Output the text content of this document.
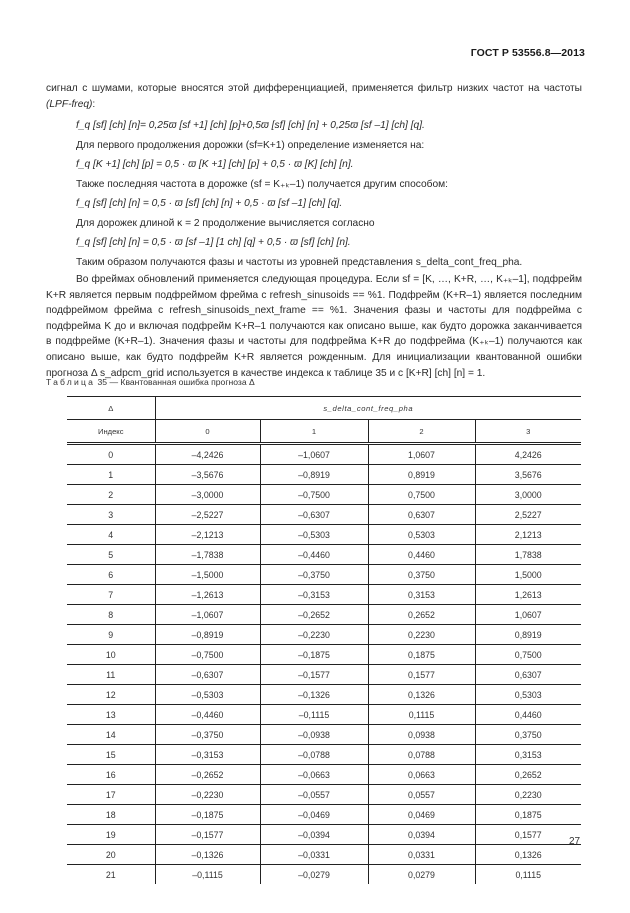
ГОСТ Р 53556.8—2013
сигнал с шумами, которые вносятся этой дифференциацией, применяется фильтр низких частот на частоты (LPF-freq):
f_q [sf] [ch] [n]= 0,25ϖ [sf +1] [ch] [p]+0,5ϖ [sf] [ch] [n] + 0,25ϖ [sf –1] [ch] [q].
Для первого продолжения дорожки (sf=K+1) определение изменяется на:
f_q [K +1] [ch] [p] = 0,5 · ϖ [K +1] [ch] [p] + 0,5 · ϖ [K] [ch] [n].
Также последняя частота в дорожке (sf = K₊ₖ–1) получается другим способом:
f_q [sf] [ch] [n] = 0,5 · ϖ [sf] [ch] [n] + 0,5 · ϖ [sf –1] [ch] [q].
Для дорожек длиной κ = 2 продолжение вычисляется согласно
f_q [sf] [ch] [n] = 0,5 · ϖ [sf –1] [1 ch] [q] + 0,5 · ϖ [sf] [ch] [n].
Таким образом получаются фазы и частоты из уровней представления s_delta_cont_freq_pha.
Во фреймах обновлений применяется следующая процедура. Если sf = [K, …, K+R, …, K₊ₖ–1], подфрейм K+R является первым подфреймом фрейма с refresh_sinusoids == %1. Подфрейм (K+R–1) является последним подфреймом фрейма с refresh_sinusoids_next_frame == %1. Значения фазы и частоты для подфрейма с подфрейма K до и включая подфрейм K+R–1 получаются как описано выше, как будто дорожка заканчивается в подфрейме (K+R–1). Значения фазы и частоты для подфрейма K+R до подфрейма (K₊ₖ–1) получаются как описано выше, как будто подфрейм K+R является рожденным. Для инициализации квантованной ошибки прогноза Δ s_adpcm_grid используется в качестве индекса к таблице 35 и с [K+R] [ch] [n] = 1.
Таблица 35 — Квантованная ошибка прогноза Δ
Δ	s_delta_cont_freq_pha			
Индекс	0	1	2	3
0	–4,2426	–1,0607	1,0607	4,2426
1	–3,5676	–0,8919	0,8919	3,5676
2	–3,0000	–0,7500	0,7500	3,0000
3	–2,5227	–0,6307	0,6307	2,5227
4	–2,1213	–0,5303	0,5303	2,1213
5	–1,7838	–0,4460	0,4460	1,7838
6	–1,5000	–0,3750	0,3750	1,5000
7	–1,2613	–0,3153	0,3153	1,2613
8	–1,0607	–0,2652	0,2652	1,0607
9	–0,8919	–0,2230	0,2230	0,8919
10	–0,7500	–0,1875	0,1875	0,7500
11	–0,6307	–0,1577	0,1577	0,6307
12	–0,5303	–0,1326	0,1326	0,5303
13	–0,4460	–0,1115	0,1115	0,4460
14	–0,3750	–0,0938	0,0938	0,3750
15	–0,3153	–0,0788	0,0788	0,3153
16	–0,2652	–0,0663	0,0663	0,2652
17	–0,2230	–0,0557	0,0557	0,2230
18	–0,1875	–0,0469	0,0469	0,1875
19	–0,1577	–0,0394	0,0394	0,1577
20	–0,1326	–0,0331	0,0331	0,1326
21	–0,1115	–0,0279	0,0279	0,1115
27
